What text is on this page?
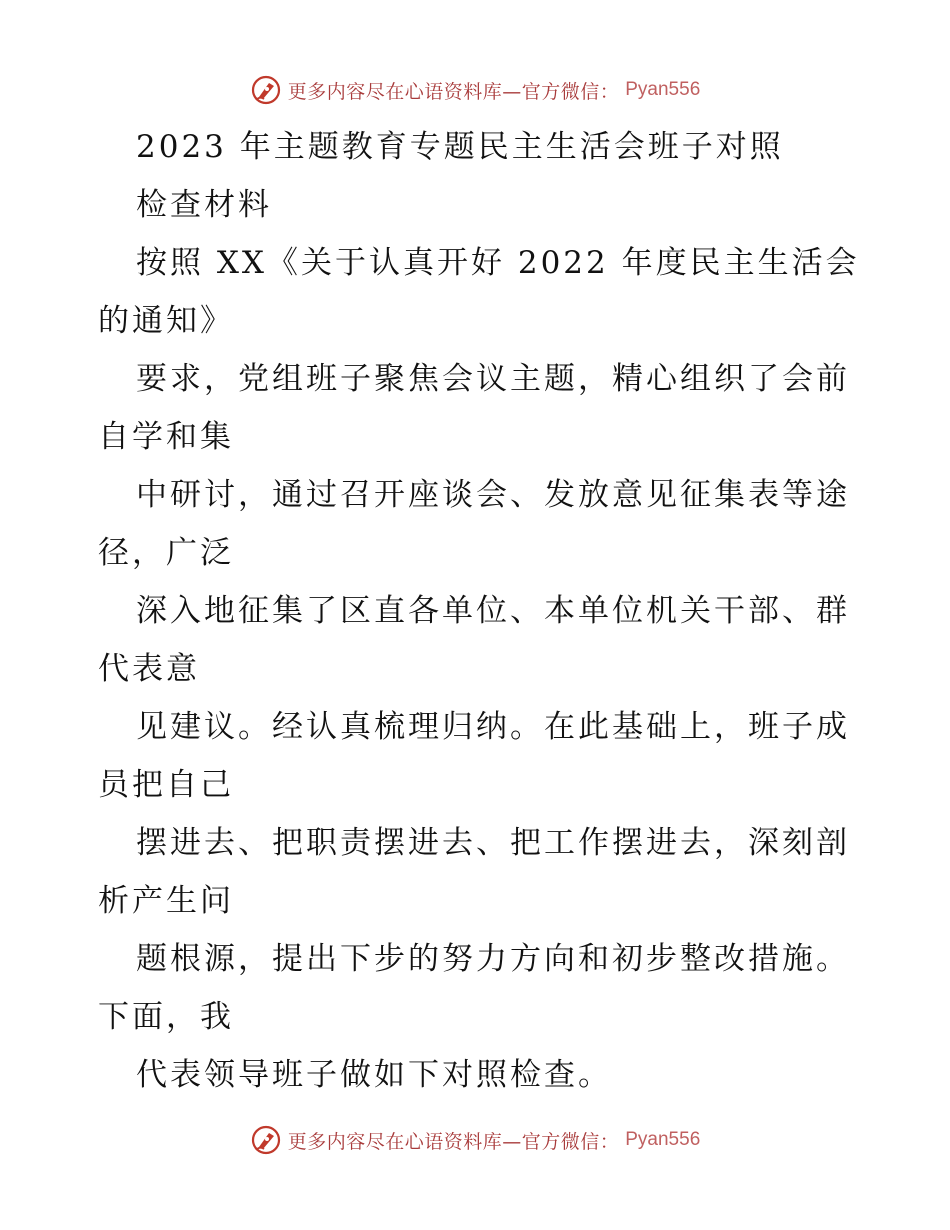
更多内容尽在心语资料库—官方微信： Pyan556
2023 年主题教育专题民主生活会班子对照
检查材料
按照 XX《关于认真开好 2022 年度民主生活会
的通知》
要求，党组班子聚焦会议主题，精心组织了会前
自学和集
中研讨，通过召开座谈会、发放意见征集表等途
径，广泛
深入地征集了区直各单位、本单位机关干部、群
代表意
见建议。经认真梳理归纳。在此基础上，班子成
员把自己
摆进去、把职责摆进去、把工作摆进去，深刻剖
析产生问
题根源，提出下步的努力方向和初步整改措施。
下面，我
代表领导班子做如下对照检查。
更多内容尽在心语资料库—官方微信： Pyan556
